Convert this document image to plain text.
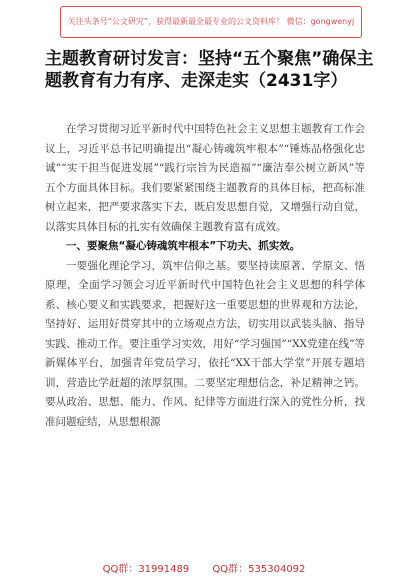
关注头条号“公文研究”，获得最新最全最专业的公文资料库！ 微信：gongwenyj
主题教育研讨发言：坚持“五个聚焦”确保主题教育有力有序、走深走实（2431字）

在学习贯彻习近平新时代中国特色社会主义思想主题教育工作会议上，习近平总书记明确提出“凝心铸魂筑牢根本”“锤炼品格强化忠诚”“实干担当促进发展”“践行宗旨为民造福”“廉洁奉公树立新风”等五个方面具体目标。我们要紧紧围绕主题教育的具体目标，把高标准树立起来，把严要求落实下去，既启发思想自觉，又增强行动自觉，以落实具体目标的扎实有效确保主题教育富有成效。

一、要聚焦“凝心铸魂筑牢根本”下功夫、抓实效。

一要强化理论学习，筑牢信仰之基。要坚持读原著、学原文、悟原理，全面学习领会习近平新时代中国特色社会主义思想的科学体系、核心要义和实践要求，把握好这一重要思想的世界观和方法论，坚持好、运用好贯穿其中的立场观点方法，切实用以武装头脑、指导实践、推动工作。要注重学习实效，用好“学习强国”“XX党建在线”等新媒体平台，加强青年党员学习，依托“XX干部大学堂”开展专题培训，营造比学赶超的浓厚氛围。二要坚定理想信念，补足精神之钙。要从政治、思想、能力、作风、纪律等方面进行深入的党性分析，找准问题症结，从思想根源

QQ群：31991489 QQ群：535304092
